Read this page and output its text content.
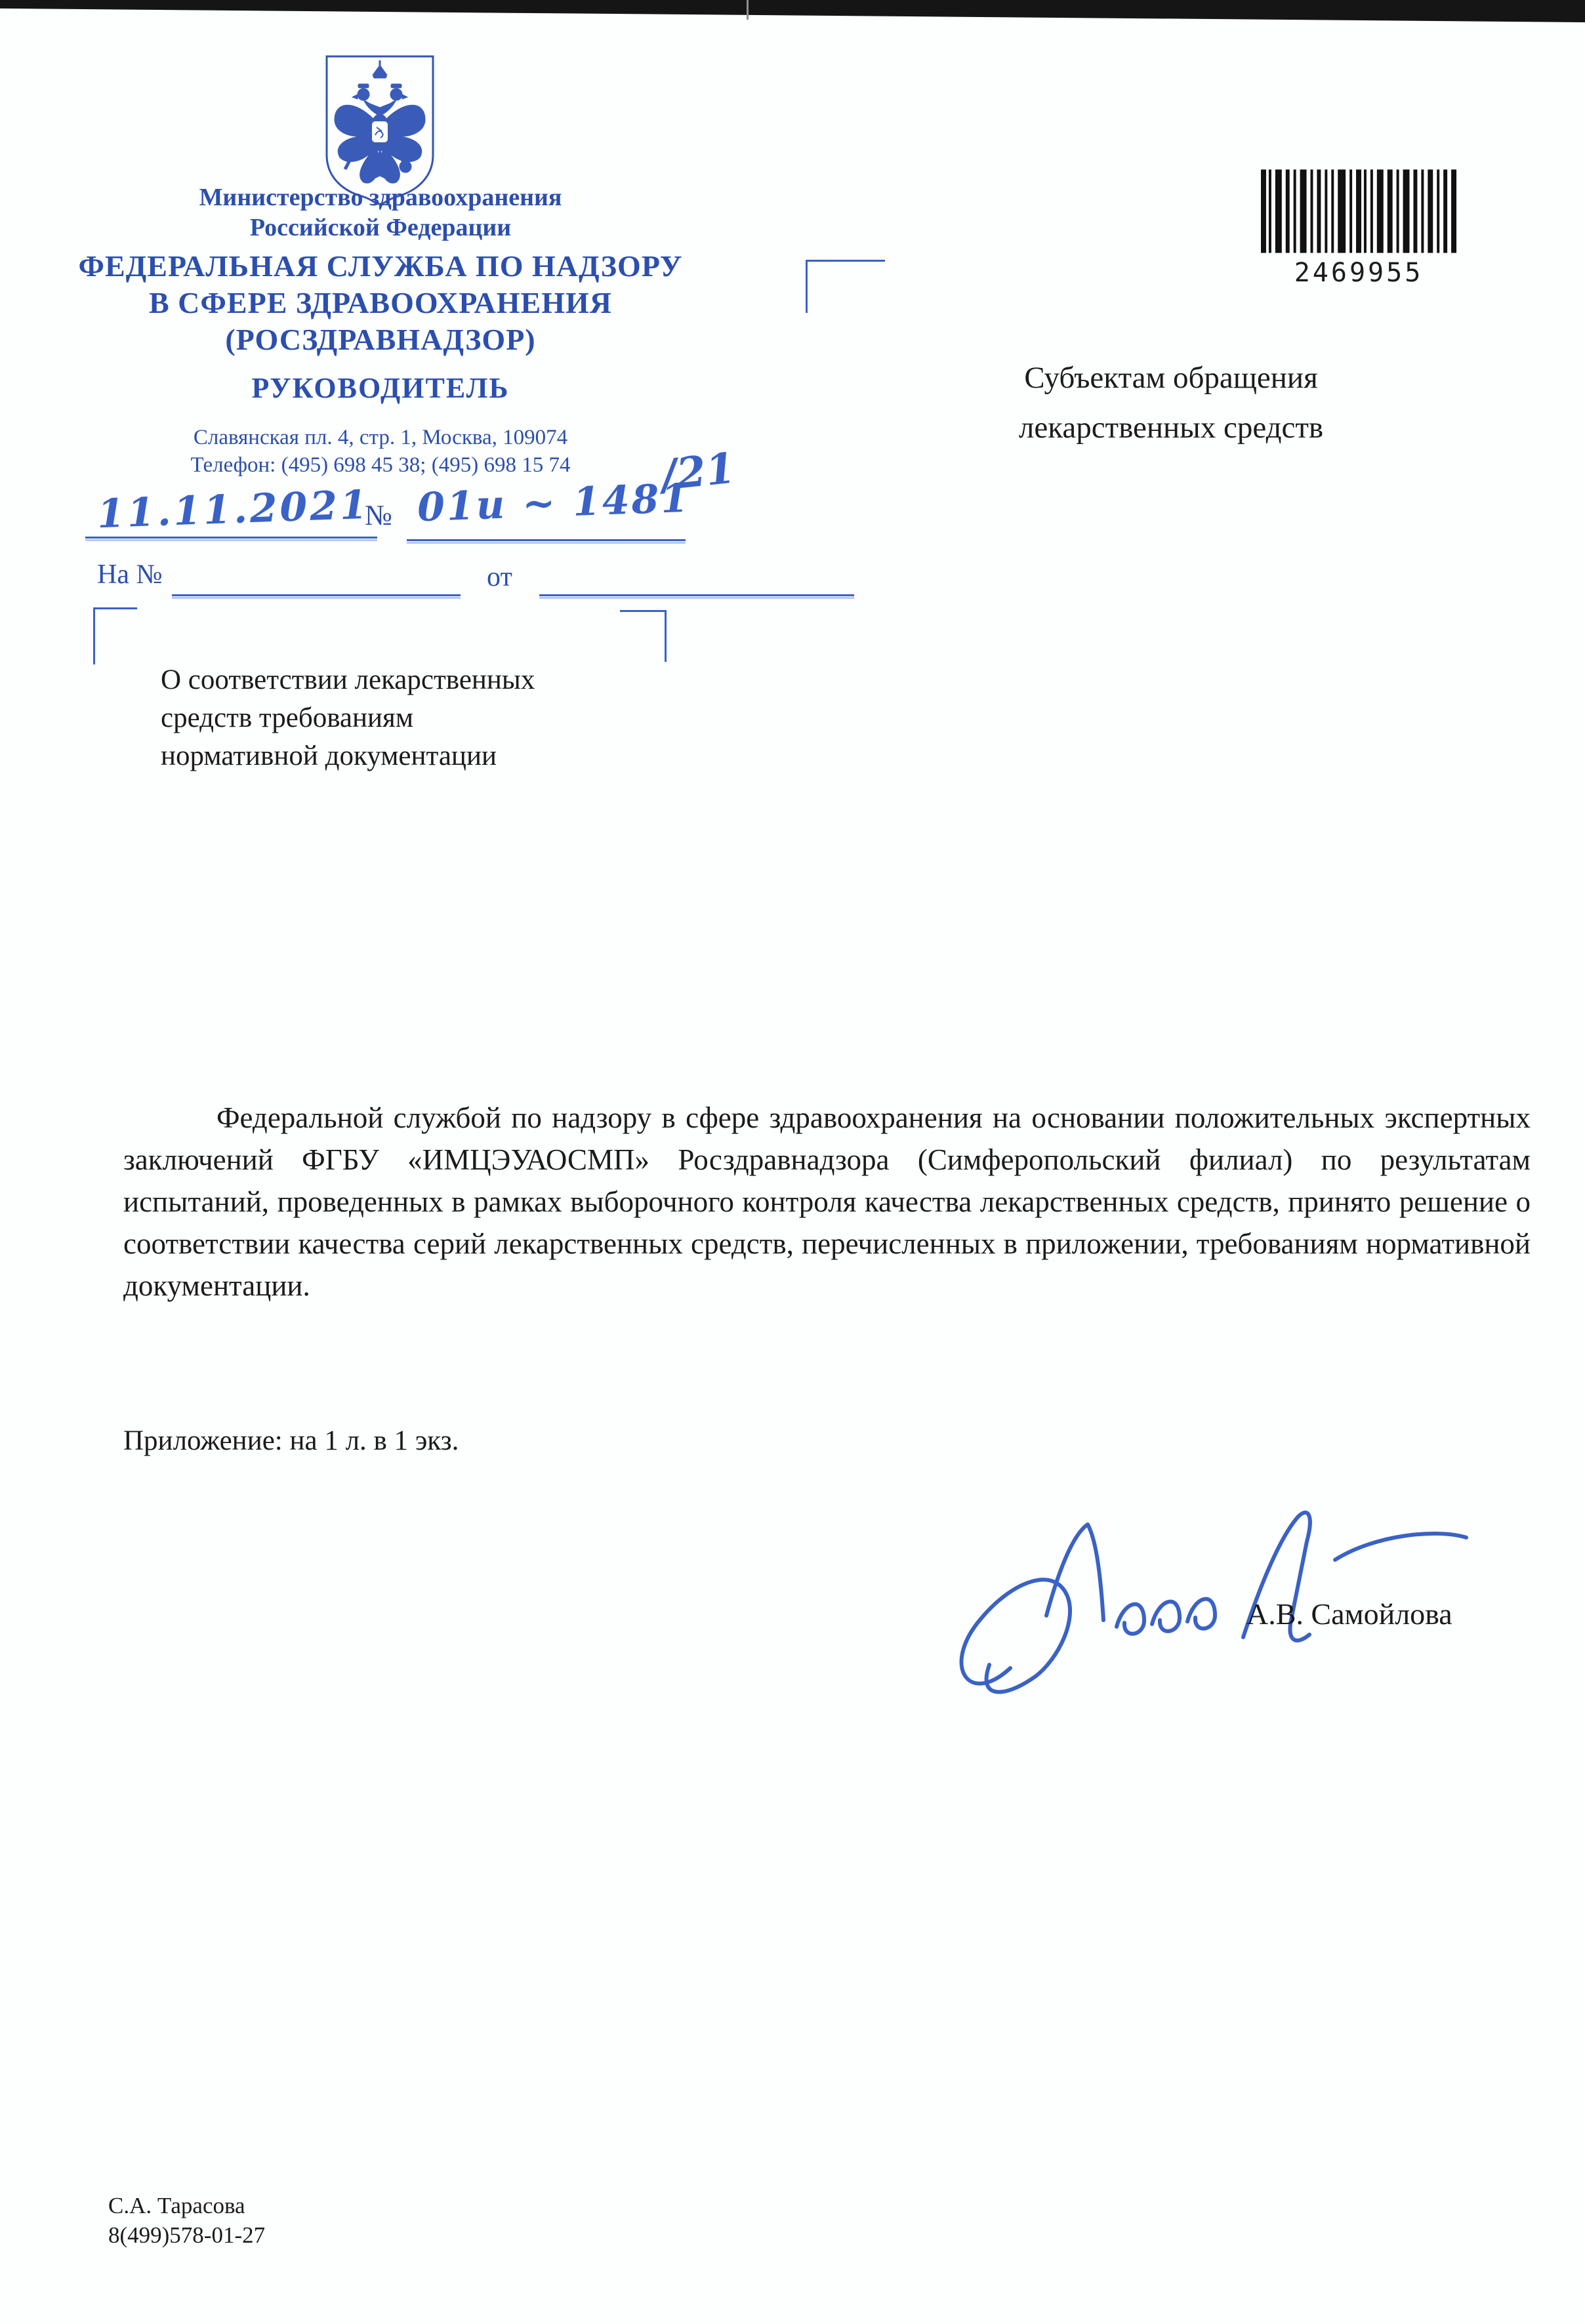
Министерство здравоохранения
Российской Федерации
ФЕДЕРАЛЬНАЯ СЛУЖБА ПО НАДЗОРУ
В СФЕРЕ ЗДРАВООХРАНЕНИЯ
(РОСЗДРАВНАДЗОР)
РУКОВОДИТЕЛЬ
Славянская пл. 4, стр. 1, Москва, 109074
Телефон: (495) 698 45 38; (495) 698 15 74
11.11.2021
№ 01и ~ 1481
/21
На №	от
2469955
Субъектам обращения
лекарственных средств
О соответствии лекарственных
средств требованиям
нормативной документации

Федеральной службой по надзору в сфере здравоохранения на основании положительных экспертных заключений ФГБУ «ИМЦЭУАОСМП» Росздравнадзора (Симферопольский филиал) по результатам испытаний, проведенных в рамках выборочного контроля качества лекарственных средств, принято решение о соответствии качества серий лекарственных средств, перечисленных в приложении, требованиям нормативной документации.

Приложение: на 1 л. в 1 экз.
А.В. Самойлова
С.А. Тарасова
8(499)578-01-27
